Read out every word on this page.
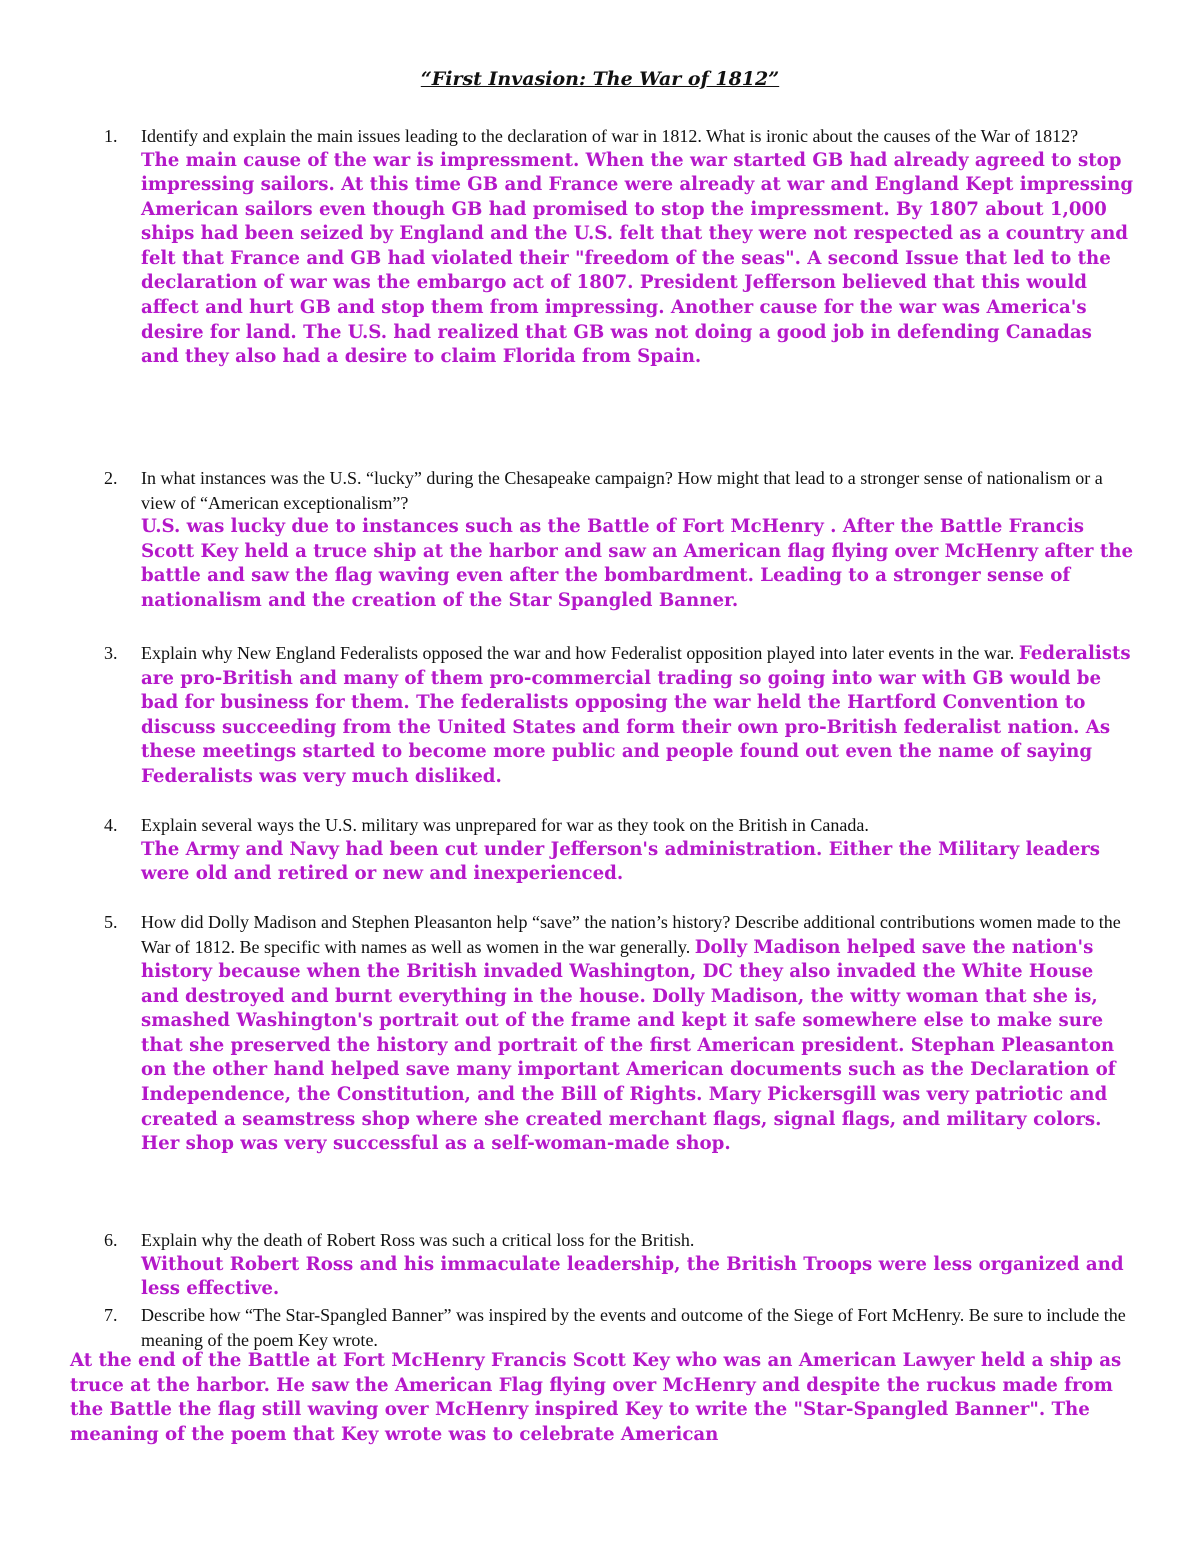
“First Invasion: The War of 1812”
1.	Identify and explain the main issues leading to the declaration of war in 1812. What is ironic about the causes of the War of 1812?
The main cause of the war is impressment. When the war started GB had already agreed to stop impressing sailors. At this time GB and France were already at war and England Kept impressing American sailors even though GB had promised to stop the impressment. By 1807 about 1,000 ships had been seized by England and the U.S. felt that they were not respected as a country and felt that France and GB had violated their "freedom of the seas". A second Issue that led to the declaration of war was the embargo act of 1807. President Jefferson believed that this would affect and hurt GB and stop them from impressing. Another cause for the war was America's desire for land. The U.S. had realized that GB was not doing a good job in defending Canadas and they also had a desire to claim Florida from Spain.
2.	In what instances was the U.S. “lucky” during the Chesapeake campaign? How might that lead to a stronger sense of nationalism or a view of “American exceptionalism”?
U.S. was lucky due to instances such as the Battle of Fort McHenry . After the Battle Francis Scott Key held a truce ship at the harbor and saw an American flag flying over McHenry after the battle and saw the flag waving even after the bombardment. Leading to a stronger sense of nationalism and the creation of the Star Spangled Banner.
3.	Explain why New England Federalists opposed the war and how Federalist opposition played into later events in the war. Federalists are pro-British and many of them pro-commercial trading so going into war with GB would be bad for business for them. The federalists opposing the war held the Hartford Convention to discuss succeeding from the United States and form their own pro-British federalist nation. As these meetings started to become more public and people found out even the name of saying Federalists was very much disliked.
4.	Explain several ways the U.S. military was unprepared for war as they took on the British in Canada.
The Army and Navy had been cut under Jefferson's administration. Either the Military leaders were old and retired or new and inexperienced.
5.	How did Dolly Madison and Stephen Pleasanton help “save” the nation’s history? Describe additional contributions women made to the War of 1812. Be specific with names as well as women in the war generally. Dolly Madison helped save the nation's history because when the British invaded Washington, DC they also invaded the White House and destroyed and burnt everything in the house. Dolly Madison, the witty woman that she is, smashed Washington's portrait out of the frame and kept it safe somewhere else to make sure that she preserved the history and portrait of the first American president. Stephan Pleasanton on the other hand helped save many important American documents such as the Declaration of Independence, the Constitution, and the Bill of Rights. Mary Pickersgill was very patriotic and created a seamstress shop where she created merchant flags, signal flags, and military colors. Her shop was very successful as a self-woman-made shop.
6.	Explain why the death of Robert Ross was such a critical loss for the British.
Without Robert Ross and his immaculate leadership, the British Troops were less organized and less effective.
7.	Describe how “The Star-Spangled Banner” was inspired by the events and outcome of the Siege of Fort McHenry. Be sure to include the meaning of the poem Key wrote.
At the end of the Battle at Fort McHenry Francis Scott Key who was an American Lawyer held a ship as truce at the harbor. He saw the American Flag flying over McHenry and despite the ruckus made from the Battle the flag still waving over McHenry inspired Key to write the "Star-Spangled Banner". The meaning of the poem that Key wrote was to celebrate American
